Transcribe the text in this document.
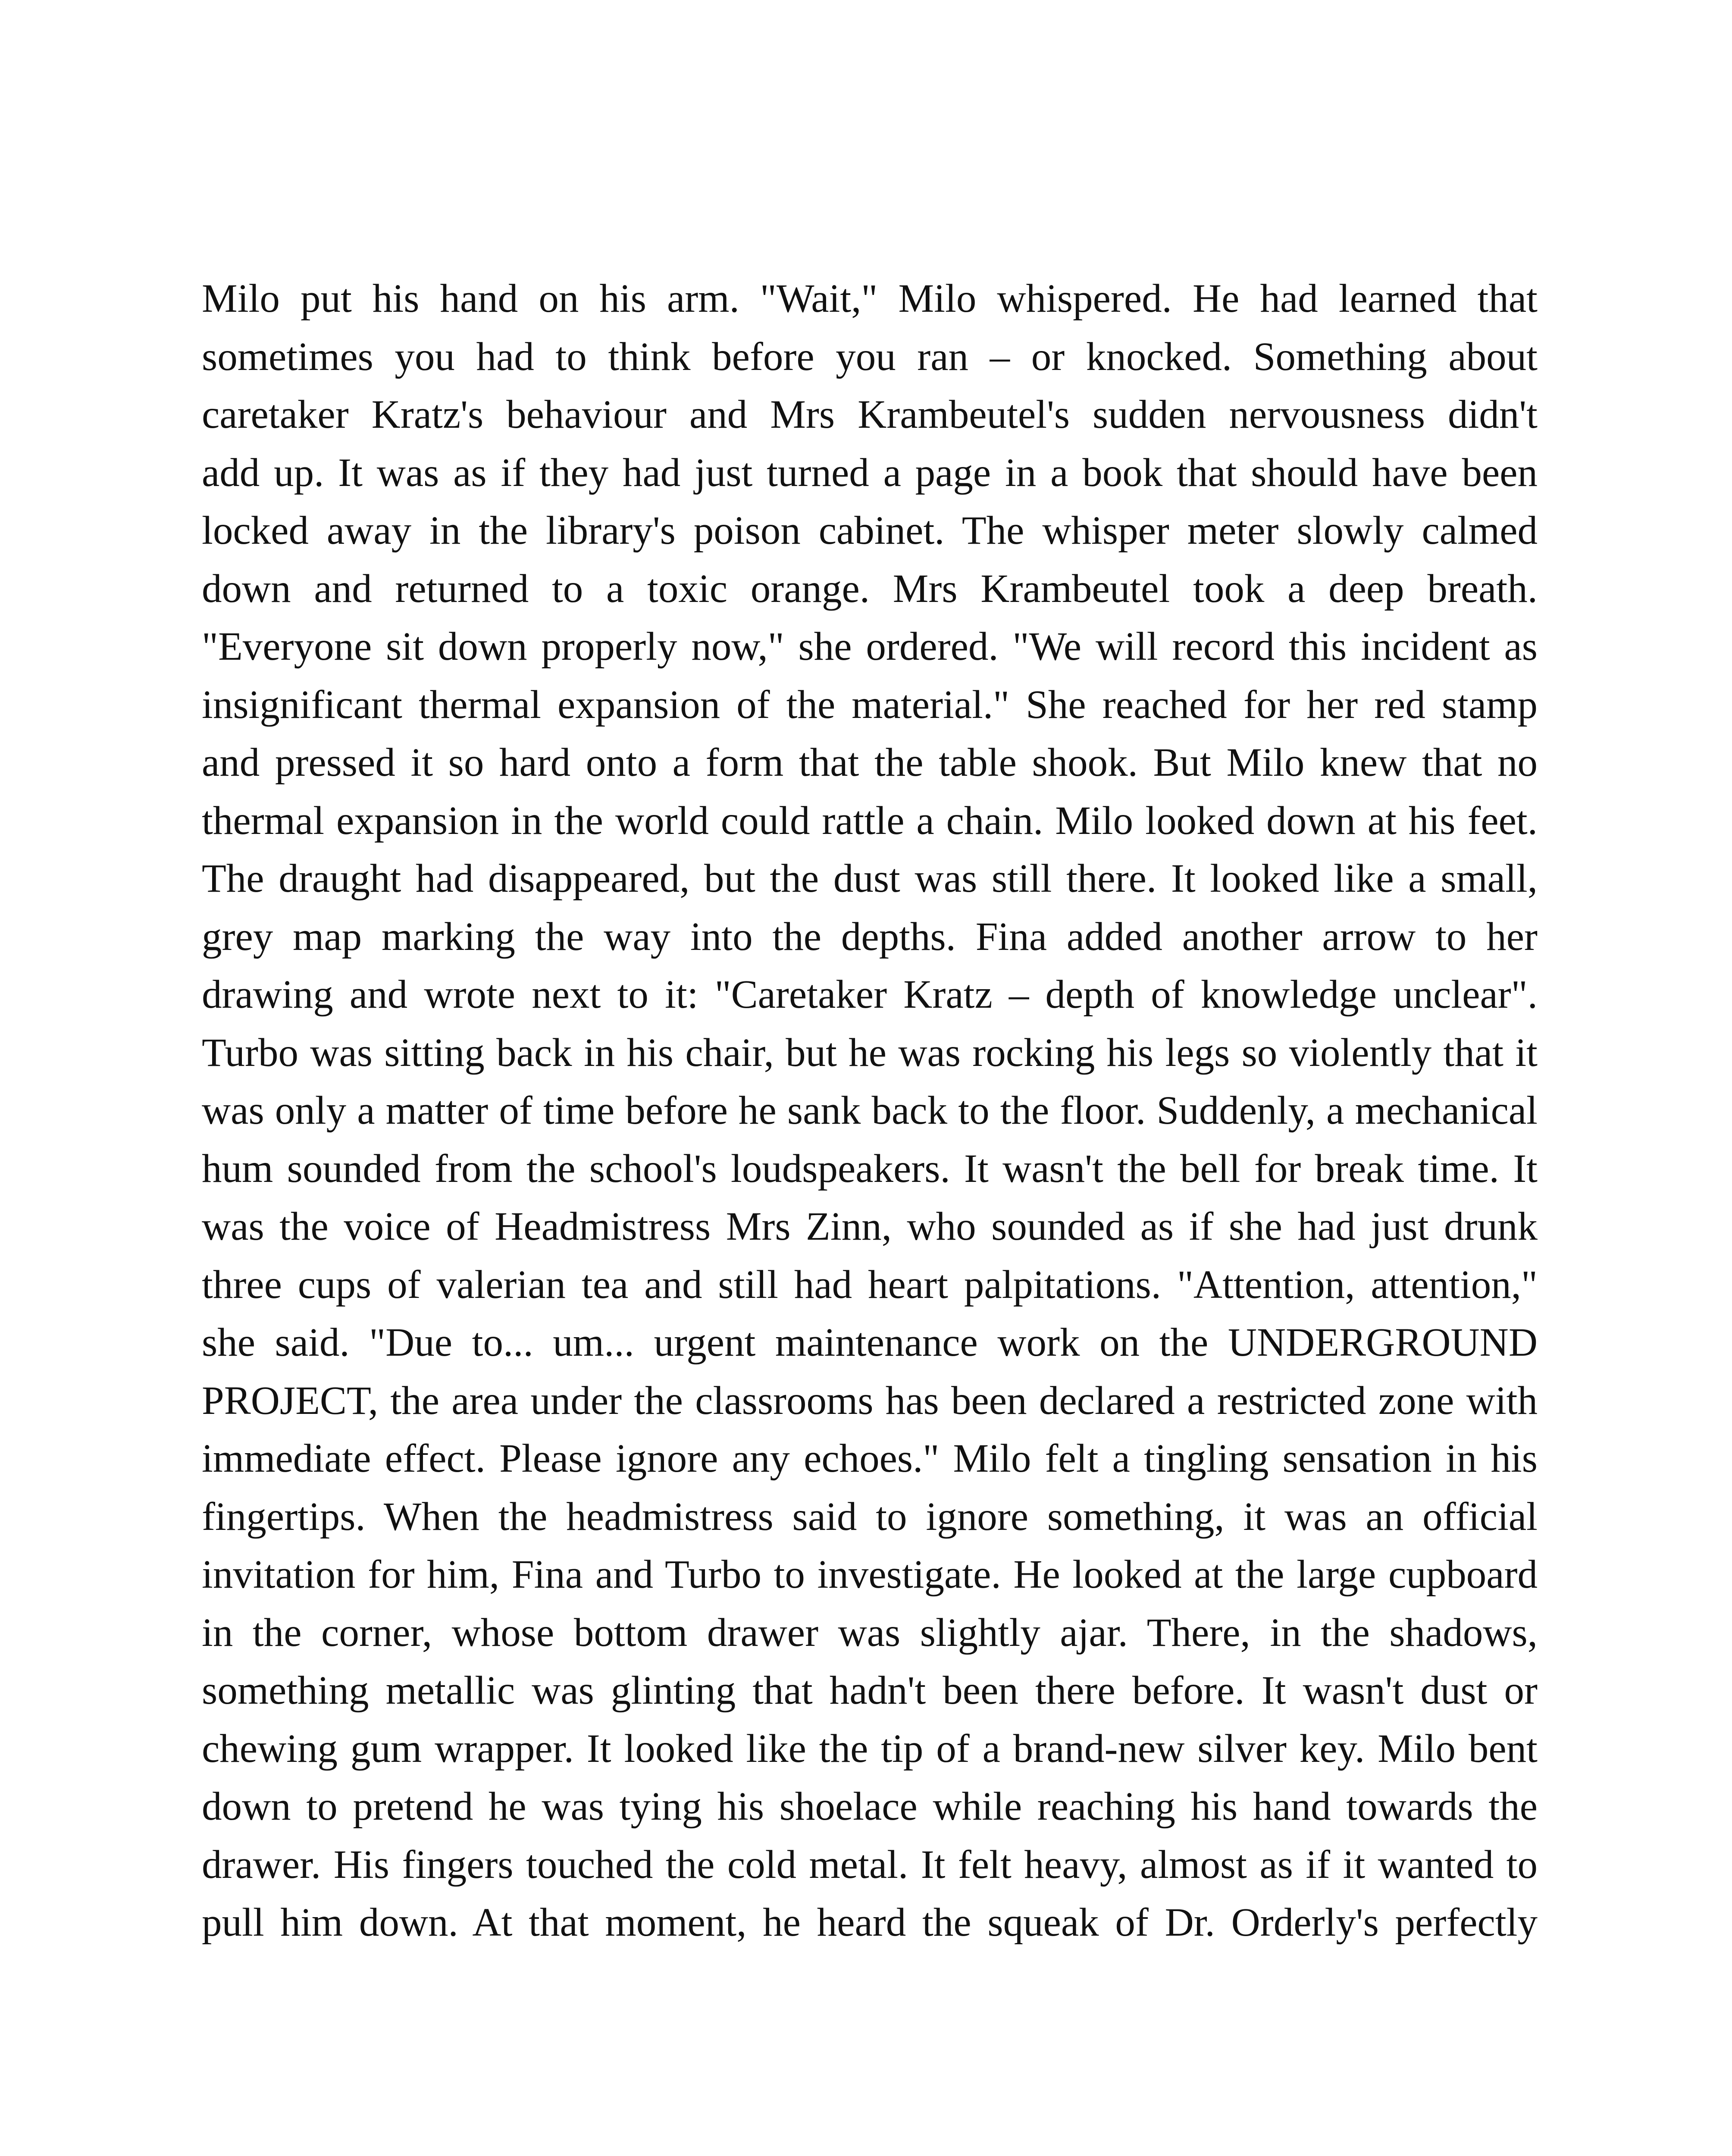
Milo put his hand on his arm. "Wait," Milo whispered. He had learned that
sometimes you had to think before you ran – or knocked. Something about
caretaker Kratz's behaviour and Mrs Krambeutel's sudden nervousness didn't
add up. It was as if they had just turned a page in a book that should have been
locked away in the library's poison cabinet. The whisper meter slowly calmed
down and returned to a toxic orange. Mrs Krambeutel took a deep breath.
"Everyone sit down properly now," she ordered. "We will record this incident as
insignificant thermal expansion of the material." She reached for her red stamp
and pressed it so hard onto a form that the table shook. But Milo knew that no
thermal expansion in the world could rattle a chain. Milo looked down at his feet.
The draught had disappeared, but the dust was still there. It looked like a small,
grey map marking the way into the depths. Fina added another arrow to her
drawing and wrote next to it: "Caretaker Kratz – depth of knowledge unclear".
Turbo was sitting back in his chair, but he was rocking his legs so violently that it
was only a matter of time before he sank back to the floor. Suddenly, a mechanical
hum sounded from the school's loudspeakers. It wasn't the bell for break time. It
was the voice of Headmistress Mrs Zinn, who sounded as if she had just drunk
three cups of valerian tea and still had heart palpitations. "Attention, attention,"
she said. "Due to... um... urgent maintenance work on the UNDERGROUND
PROJECT, the area under the classrooms has been declared a restricted zone with
immediate effect. Please ignore any echoes." Milo felt a tingling sensation in his
fingertips. When the headmistress said to ignore something, it was an official
invitation for him, Fina and Turbo to investigate. He looked at the large cupboard
in the corner, whose bottom drawer was slightly ajar. There, in the shadows,
something metallic was glinting that hadn't been there before. It wasn't dust or
chewing gum wrapper. It looked like the tip of a brand-new silver key. Milo bent
down to pretend he was tying his shoelace while reaching his hand towards the
drawer. His fingers touched the cold metal. It felt heavy, almost as if it wanted to
pull him down. At that moment, he heard the squeak of Dr. Orderly's perfectly
